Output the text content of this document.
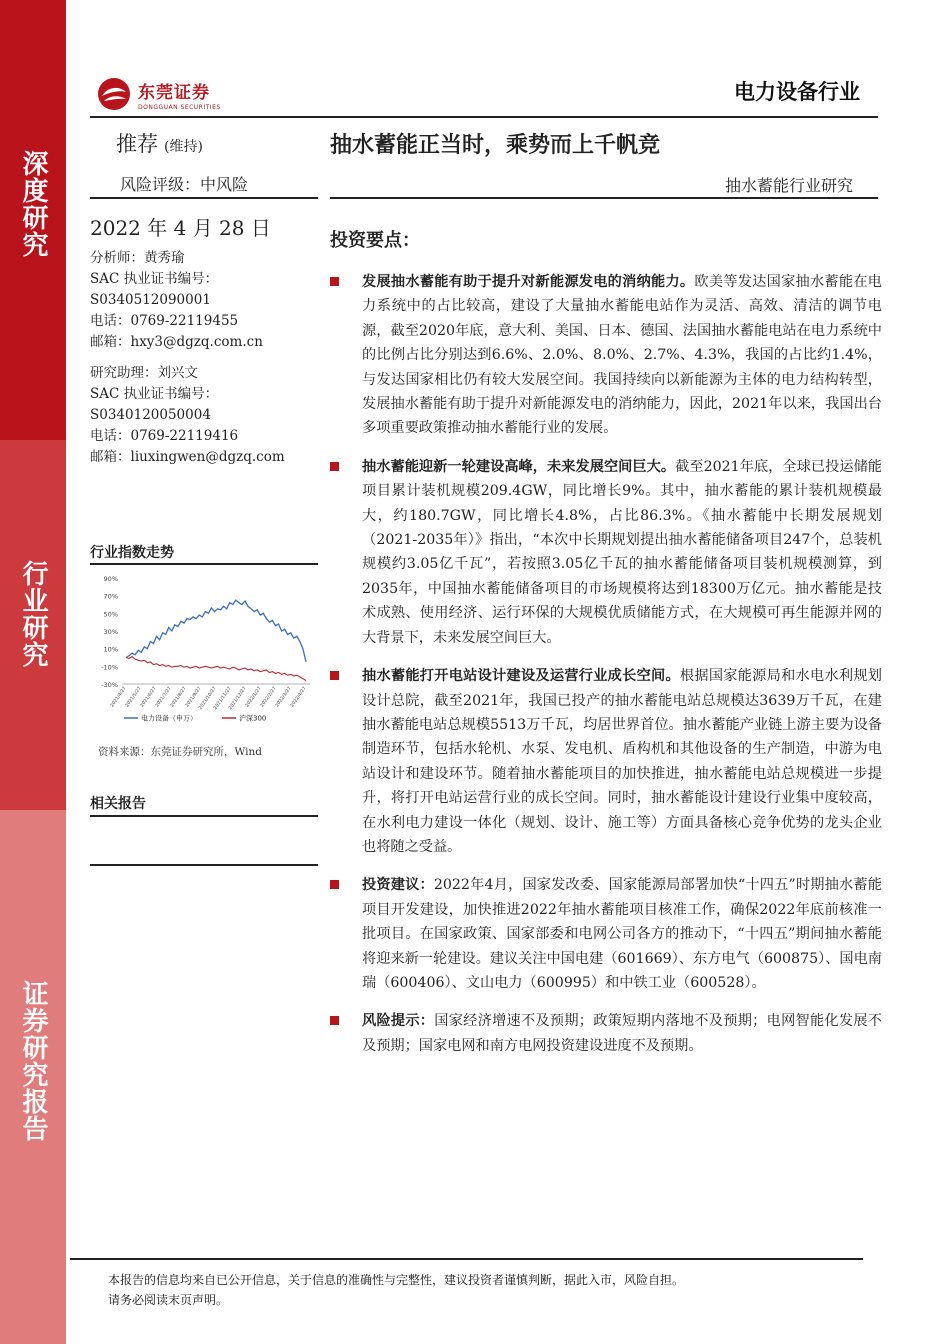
深度研究
行业研究
证券研究报告
东莞证券
DONGGUAN SECURITIES
电力设备行业
推荐 (维持)	抽水蓄能正当时，乘势而上千帆竞
风险评级：中风险	抽水蓄能行业研究
2022 年 4 月 28 日
分析师：黄秀瑜
SAC 执业证书编号：
S0340512090001
电话：0769-22119455
邮箱：hxy3@dgzq.com.cn
研究助理：刘兴文
SAC 执业证书编号：
S0340120050004
电话：0769-22119416
邮箱：liuxingwen@dgzq.com
行业指数走势
90%
70%
50%
30%
10%
-10%
-30%
2021/4/27
2021/5/27
2021/6/27
2021/7/27
2021/8/27
2021/9/27
2021/10/27
2021/11/27
2021/12/27
2022/1/27
2022/2/27
2022/3/27
2022/4/27
电力设备（申万）	沪深300
资料来源：东莞证券研究所，Wind
相关报告
投资要点：
发展抽水蓄能有助于提升对新能源发电的消纳能力。欧美等发达国家抽水蓄能在电力系统中的占比较高，建设了大量抽水蓄能电站作为灵活、高效、清洁的调节电源，截至2020年底，意大利、美国、日本、德国、法国抽水蓄能电站在电力系统中的比例占比分别达到6.6%、2.0%、8.0%、2.7%、4.3%，我国的占比约1.4%，与发达国家相比仍有较大发展空间。我国持续向以新能源为主体的电力结构转型，发展抽水蓄能有助于提升对新能源发电的消纳能力，因此，2021年以来，我国出台多项重要政策推动抽水蓄能行业的发展。
抽水蓄能迎新一轮建设高峰，未来发展空间巨大。截至2021年底，全球已投运储能项目累计装机规模209.4GW，同比增长9%。其中，抽水蓄能的累计装机规模最大，约180.7GW，同比增长4.8%，占比86.3%。《抽水蓄能中长期发展规划（2021-2035年）》指出，“本次中长期规划提出抽水蓄能储备项目247个，总装机规模约3.05亿千瓦”，若按照3.05亿千瓦的抽水蓄能储备项目装机规模测算，到2035年，中国抽水蓄能储备项目的市场规模将达到18300万亿元。抽水蓄能是技术成熟、使用经济、运行环保的大规模优质储能方式，在大规模可再生能源并网的大背景下，未来发展空间巨大。
抽水蓄能打开电站设计建设及运营行业成长空间。根据国家能源局和水电水利规划设计总院，截至2021年，我国已投产的抽水蓄能电站总规模达3639万千瓦，在建抽水蓄能电站总规模5513万千瓦，均居世界首位。抽水蓄能产业链上游主要为设备制造环节，包括水轮机、水泵、发电机、盾构机和其他设备的生产制造，中游为电站设计和建设环节。随着抽水蓄能项目的加快推进，抽水蓄能电站总规模进一步提升，将打开电站运营行业的成长空间。同时，抽水蓄能设计建设行业集中度较高，在水利电力建设一体化（规划、设计、施工等）方面具备核心竞争优势的龙头企业也将随之受益。
投资建议：2022年4月，国家发改委、国家能源局部署加快“十四五”时期抽水蓄能项目开发建设，加快推进2022年抽水蓄能项目核准工作，确保2022年底前核准一批项目。在国家政策、国家部委和电网公司各方的推动下，“十四五”期间抽水蓄能将迎来新一轮建设。建议关注中国电建（601669）、东方电气（600875）、国电南瑞（600406）、文山电力（600995）和中铁工业（600528）。
风险提示：国家经济增速不及预期；政策短期内落地不及预期；电网智能化发展不及预期；国家电网和南方电网投资建设进度不及预期。
本报告的信息均来自已公开信息，关于信息的准确性与完整性，建议投资者谨慎判断，据此入市，风险自担。
请务必阅读末页声明。
